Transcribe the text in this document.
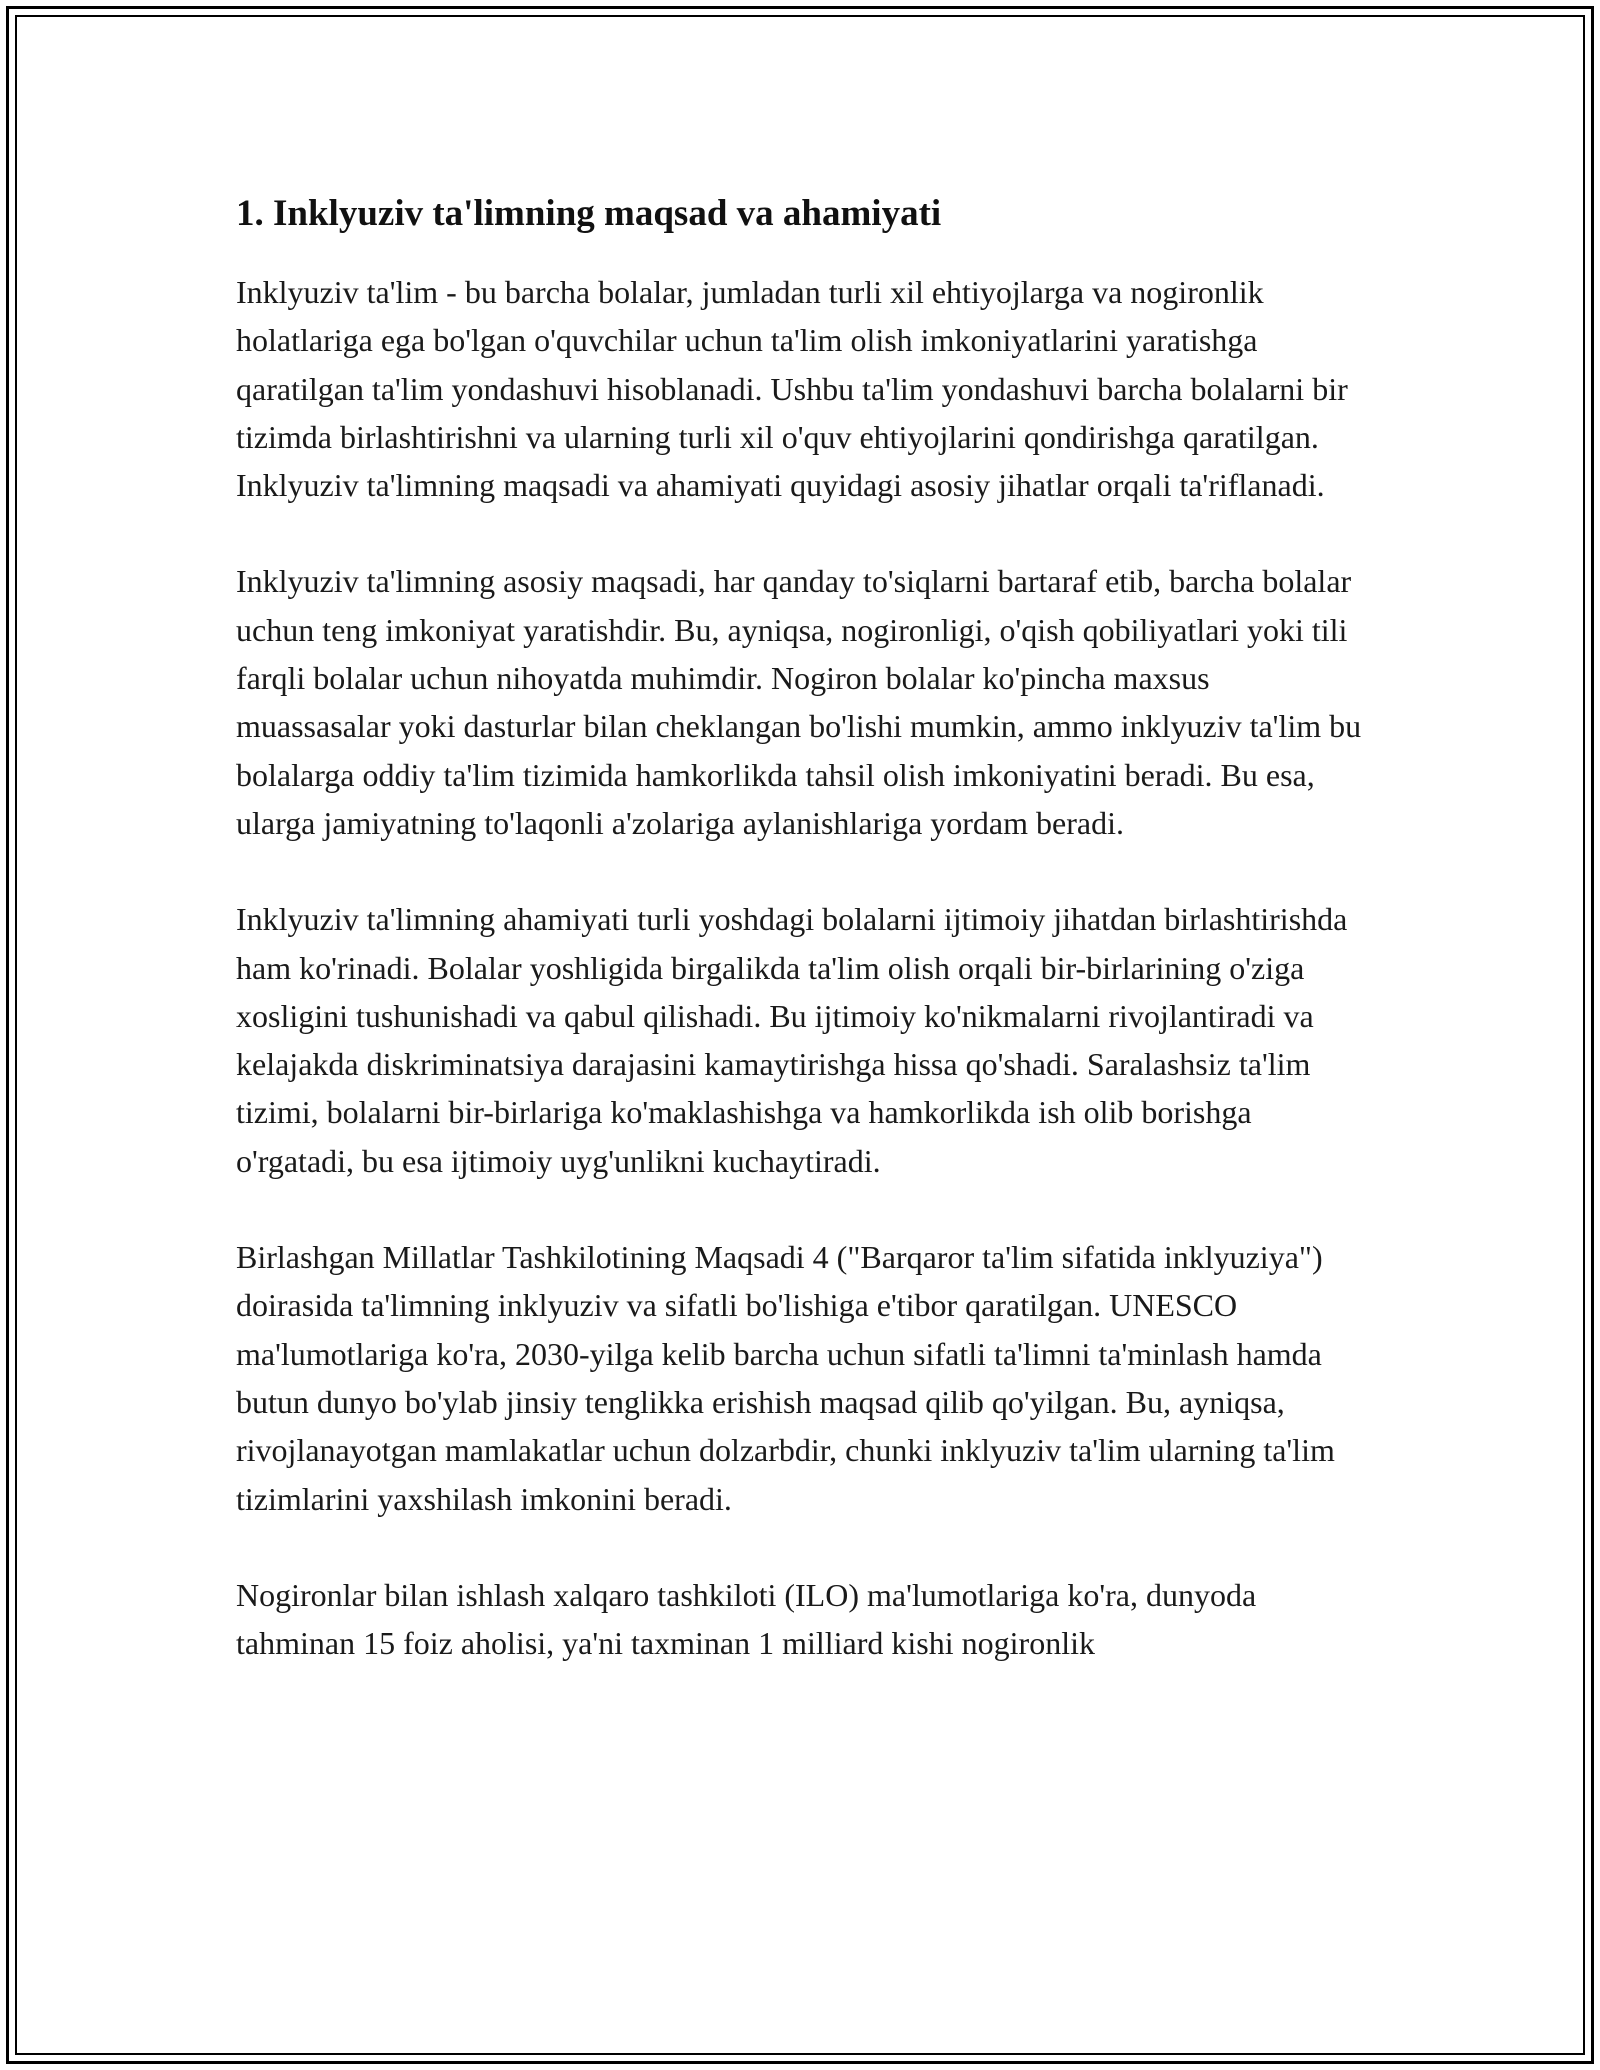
1. Inklyuziv ta'limning maqsad va ahamiyati

Inklyuziv ta'lim - bu barcha bolalar, jumladan turli xil ehtiyojlarga va nogironlik holatlariga ega bo'lgan o'quvchilar uchun ta'lim olish imkoniyatlarini yaratishga qaratilgan ta'lim yondashuvi hisoblanadi. Ushbu ta'lim yondashuvi barcha bolalarni bir tizimda birlashtirishni va ularning turli xil o'quv ehtiyojlarini qondirishga qaratilgan. Inklyuziv ta'limning maqsadi va ahamiyati quyidagi asosiy jihatlar orqali ta'riflanadi.

Inklyuziv ta'limning asosiy maqsadi, har qanday to'siqlarni bartaraf etib, barcha bolalar uchun teng imkoniyat yaratishdir. Bu, ayniqsa, nogironligi, o'qish qobiliyatlari yoki tili farqli bolalar uchun nihoyatda muhimdir. Nogiron bolalar ko'pincha maxsus muassasalar yoki dasturlar bilan cheklangan bo'lishi mumkin, ammo inklyuziv ta'lim bu bolalarga oddiy ta'lim tizimida hamkorlikda tahsil olish imkoniyatini beradi. Bu esa, ularga jamiyatning to'laqonli a'zolariga aylanishlariga yordam beradi.

Inklyuziv ta'limning ahamiyati turli yoshdagi bolalarni ijtimoiy jihatdan birlashtirishda ham ko'rinadi. Bolalar yoshligida birgalikda ta'lim olish orqali bir-birlarining o'ziga xosligini tushunishadi va qabul qilishadi. Bu ijtimoiy ko'nikmalarni rivojlantiradi va kelajakda diskriminatsiya darajasini kamaytirishga hissa qo'shadi. Saralashsiz ta'lim tizimi, bolalarni bir-birlariga ko'maklashishga va hamkorlikda ish olib borishga o'rgatadi, bu esa ijtimoiy uyg'unlikni kuchaytiradi.

Birlashgan Millatlar Tashkilotining Maqsadi 4 ("Barqaror ta'lim sifatida inklyuziya") doirasida ta'limning inklyuziv va sifatli bo'lishiga e'tibor qaratilgan. UNESCO ma'lumotlariga ko'ra, 2030-yilga kelib barcha uchun sifatli ta'limni ta'minlash hamda butun dunyo bo'ylab jinsiy tenglikka erishish maqsad qilib qo'yilgan. Bu, ayniqsa, rivojlanayotgan mamlakatlar uchun dolzarbdir, chunki inklyuziv ta'lim ularning ta'lim tizimlarini yaxshilash imkonini beradi.

Nogironlar bilan ishlash xalqaro tashkiloti (ILO) ma'lumotlariga ko'ra, dunyoda tahminan 15 foiz aholisi, ya'ni taxminan 1 milliard kishi nogironlik
